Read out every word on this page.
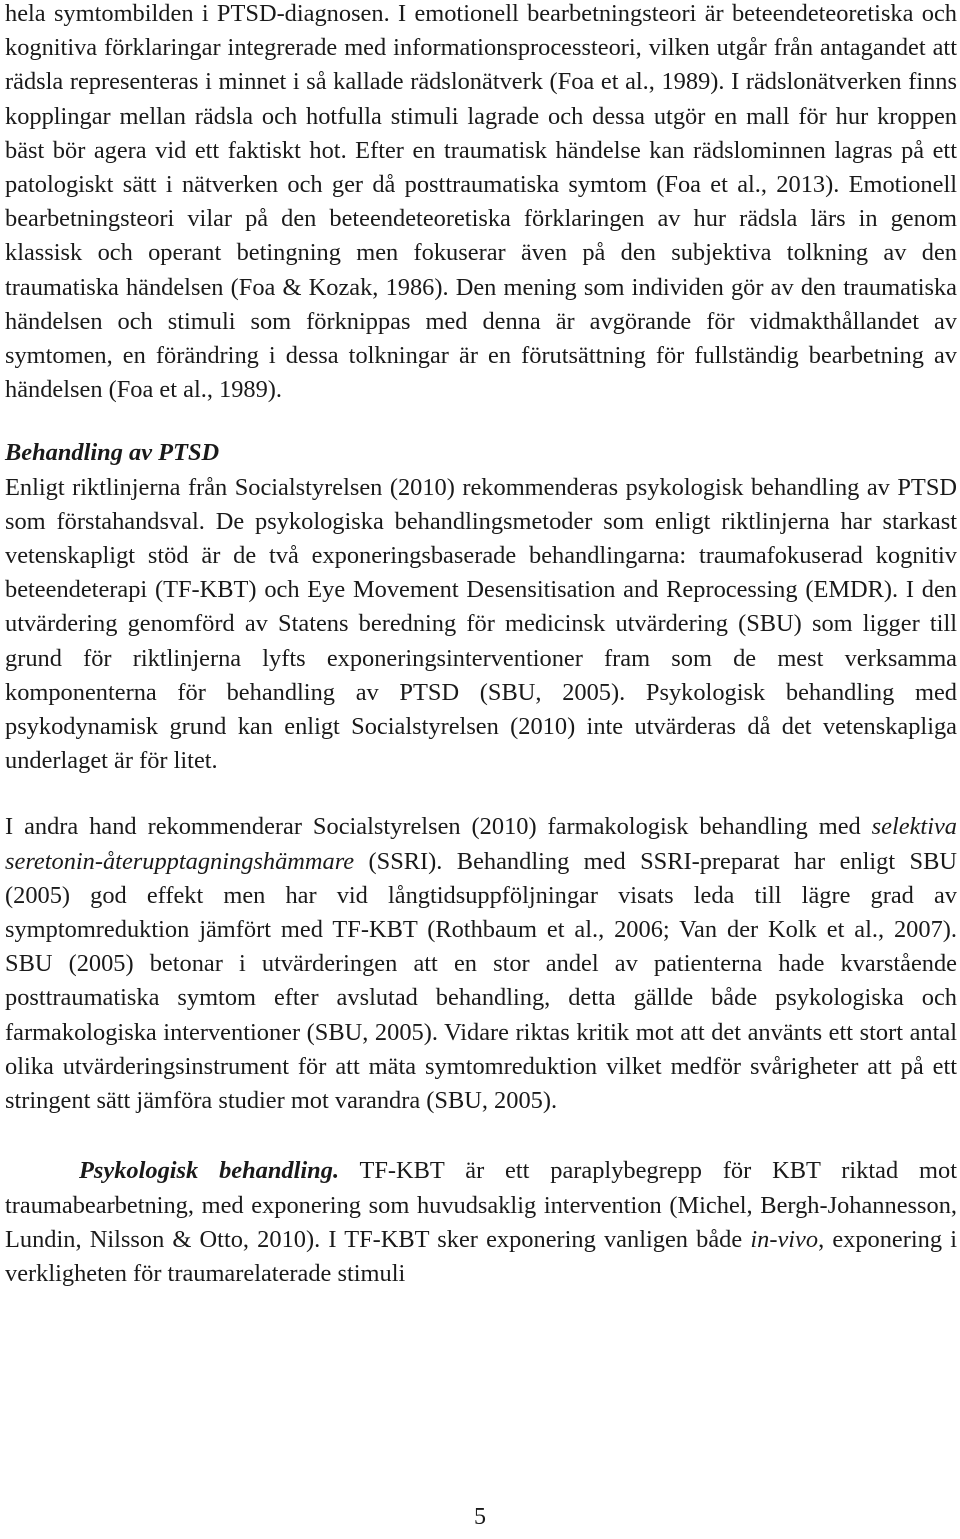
hela symtombilden i PTSD-diagnosen. I emotionell bearbetningsteori är beteendeteoretiska och kognitiva förklaringar integrerade med informationsprocessteori, vilken utgår från antagandet att rädsla representeras i minnet i så kallade rädslonätverk (Foa et al., 1989). I rädslonätverken finns kopplingar mellan rädsla och hotfulla stimuli lagrade och dessa utgör en mall för hur kroppen bäst bör agera vid ett faktiskt hot. Efter en traumatisk händelse kan rädslominnen lagras på ett patologiskt sätt i nätverken och ger då posttraumatiska symtom (Foa et al., 2013). Emotionell bearbetningsteori vilar på den beteendeteoretiska förklaringen av hur rädsla lärs in genom klassisk och operant betingning men fokuserar även på den subjektiva tolkning av den traumatiska händelsen (Foa & Kozak, 1986). Den mening som individen gör av den traumatiska händelsen och stimuli som förknippas med denna är avgörande för vidmakthållandet av symtomen, en förändring i dessa tolkningar är en förutsättning för fullständig bearbetning av händelsen (Foa et al., 1989).

Behandling av PTSD

Enligt riktlinjerna från Socialstyrelsen (2010) rekommenderas psykologisk behandling av PTSD som förstahandsval. De psykologiska behandlingsmetoder som enligt riktlinjerna har starkast vetenskapligt stöd är de två exponeringsbaserade behandlingarna: traumafokuserad kognitiv beteendeterapi (TF-KBT) och Eye Movement Desensitisation and Reprocessing (EMDR). I den utvärdering genomförd av Statens beredning för medicinsk utvärdering (SBU) som ligger till grund för riktlinjerna lyfts exponeringsinterventioner fram som de mest verksamma komponenterna för behandling av PTSD (SBU, 2005). Psykologisk behandling med psykodynamisk grund kan enligt Socialstyrelsen (2010) inte utvärderas då det vetenskapliga underlaget är för litet.

I andra hand rekommenderar Socialstyrelsen (2010) farmakologisk behandling med selektiva seretonin-återupptagningshämmare (SSRI). Behandling med SSRI-preparat har enligt SBU (2005) god effekt men har vid långtidsuppföljningar visats leda till lägre grad av symptomreduktion jämfört med TF-KBT (Rothbaum et al., 2006; Van der Kolk et al., 2007). SBU (2005) betonar i utvärderingen att en stor andel av patienterna hade kvarstående posttraumatiska symtom efter avslutad behandling, detta gällde både psykologiska och farmakologiska interventioner (SBU, 2005). Vidare riktas kritik mot att det använts ett stort antal olika utvärderingsinstrument för att mäta symtomreduktion vilket medför svårigheter att på ett stringent sätt jämföra studier mot varandra (SBU, 2005).

Psykologisk behandling. TF-KBT är ett paraplybegrepp för KBT riktad mot traumabearbetning, med exponering som huvudsaklig intervention (Michel, Bergh-Johannesson, Lundin, Nilsson & Otto, 2010). I TF-KBT sker exponering vanligen både in-vivo, exponering i verkligheten för traumarelaterade stimuli

5
